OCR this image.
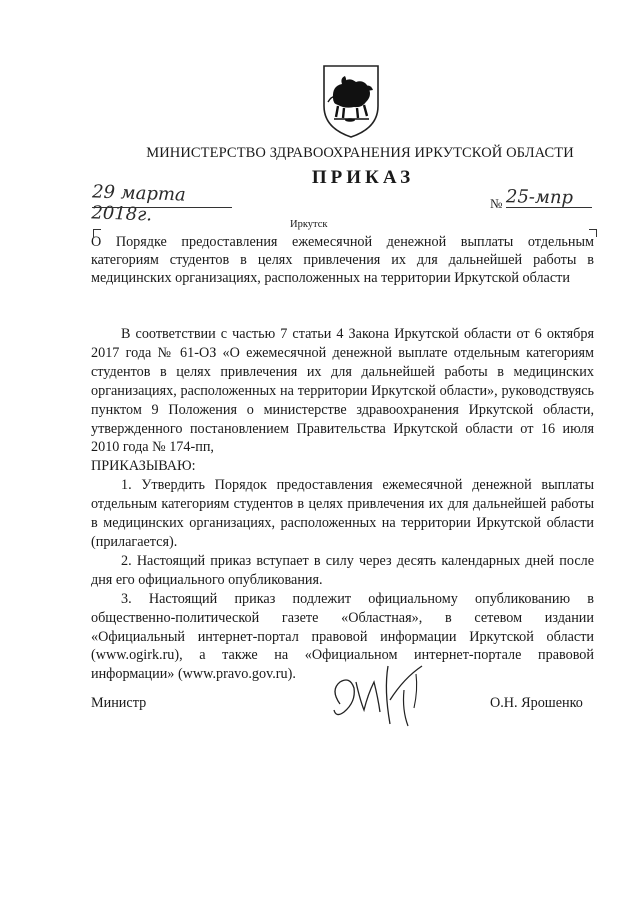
МИНИСТЕРСТВО ЗДРАВООХРАНЕНИЯ ИРКУТСКОЙ ОБЛАСТИ
ПРИКАЗ
29 марта 2018г.	№ 25-мпр
Иркутск
О Порядке предоставления ежемесячной денежной выплаты отдельным категориям студентов в целях привлечения их для дальнейшей работы в медицинских организациях, расположенных на территории Иркутской области

В соответствии с частью 7 статьи 4 Закона Иркутской области от 6 октября 2017 года № 61-ОЗ «О ежемесячной денежной выплате отдельным категориям студентов в целях привлечения их для дальнейшей работы в медицинских организациях, расположенных на территории Иркутской области», руководствуясь пунктом 9 Положения о министерстве здравоохранения Иркутской области, утвержденного постановлением Правительства Иркутской области от 16 июля 2010 года № 174-пп,

ПРИКАЗЫВАЮ:

1. Утвердить Порядок предоставления ежемесячной денежной выплаты отдельным категориям студентов в целях привлечения их для дальнейшей работы в медицинских организациях, расположенных на территории Иркутской области (прилагается).

2. Настоящий приказ вступает в силу через десять календарных дней после дня его официального опубликования.

3. Настоящий приказ подлежит официальному опубликованию в общественно-политической газете «Областная», в сетевом издании «Официальный интернет-портал правовой информации Иркутской области (www.ogirk.ru), а также на «Официальном интернет-портале правовой информации» (www.pravo.gov.ru).

Министр	О.Н. Ярошенко
